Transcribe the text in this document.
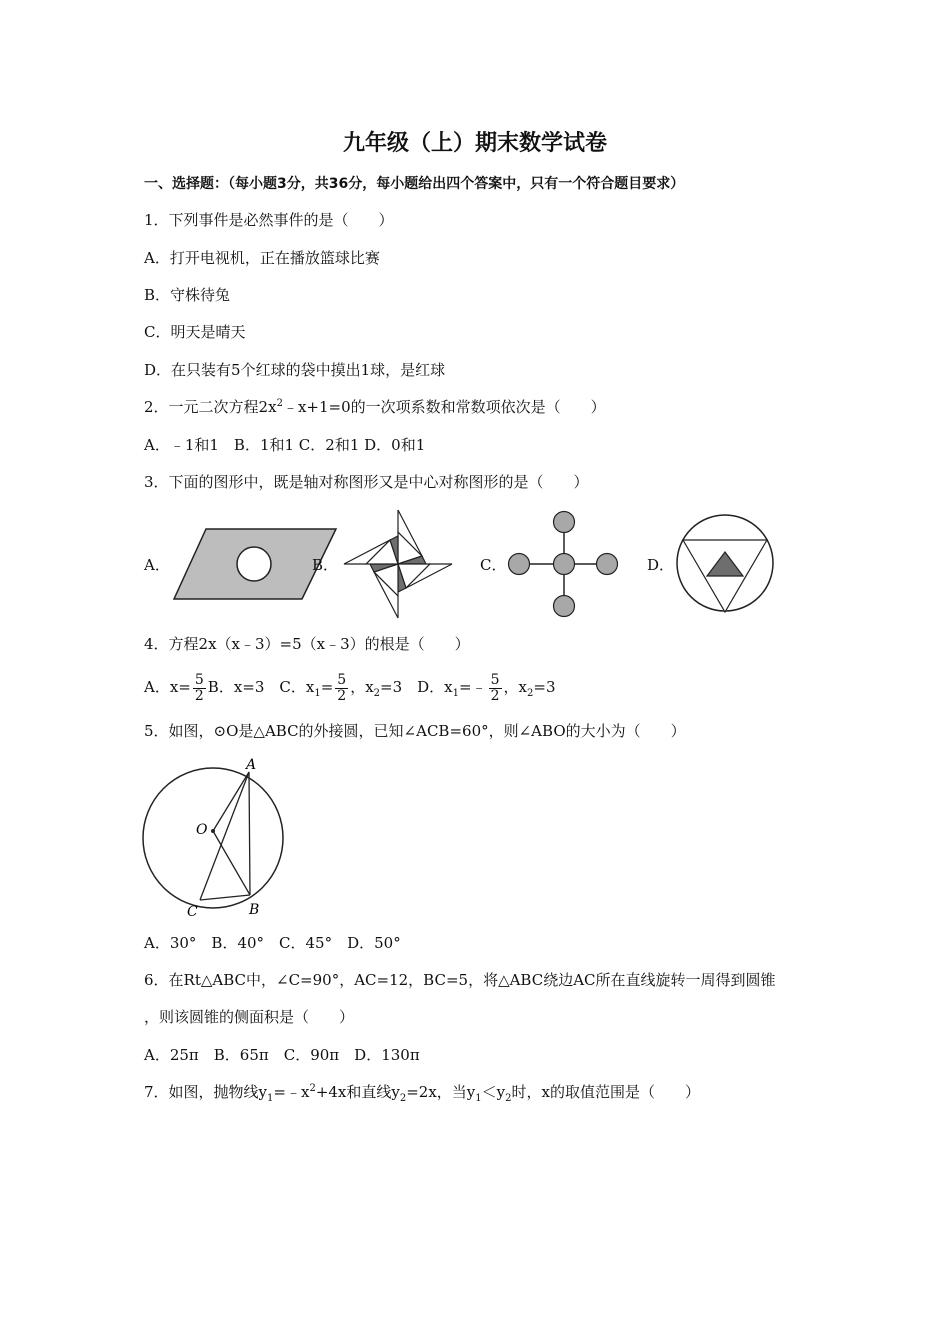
九年级（上）期末数学试卷
一、选择题：（每小题3分，共36分，每小题给出四个答案中，只有一个符合题目要求）
1．下列事件是必然事件的是（　　）
A．打开电视机，正在播放篮球比赛
B．守株待兔
C．明天是晴天
D．在只装有5个红球的袋中摸出1球，是红球
2．一元二次方程$2x^2﹣x+1=0$的一次项系数和常数项依次是（　　）
A．﹣1和1　B．1和1 C．2和1 D．0和1
3．下面的图形中，既是轴对称图形又是中心对称图形的是（　　）
A．	B．	C．	D．
4．方程2x（x﹣3）=5（x﹣3）的根是（　　）
A．$x= \frac{5}{2}$ B．x=3　C．$x_1= \frac{5}{2}$ ，$x_2=3$　D．$x_1=﹣ \frac{5}{2}$ ，$x_2=3$
5．如图，⊙O是△ABC的外接圆，已知∠ACB=60°，则∠ABO的大小为（　　）
O
A
B
C
A．30°　B．40°　C．45°　D．50°
6．在Rt△ABC中，∠C=90°，AC=12，BC=5，将△ABC绕边AC所在直线旋转一周得到圆锥
，则该圆锥的侧面积是（　　）
A．25π　B．65π　C．90π　D．130π
7．如图，抛物线$y_1=﹣x^2+4x$和直线$y_2=2x$，当$y_1<y_2$时，x的取值范围是（　　）
